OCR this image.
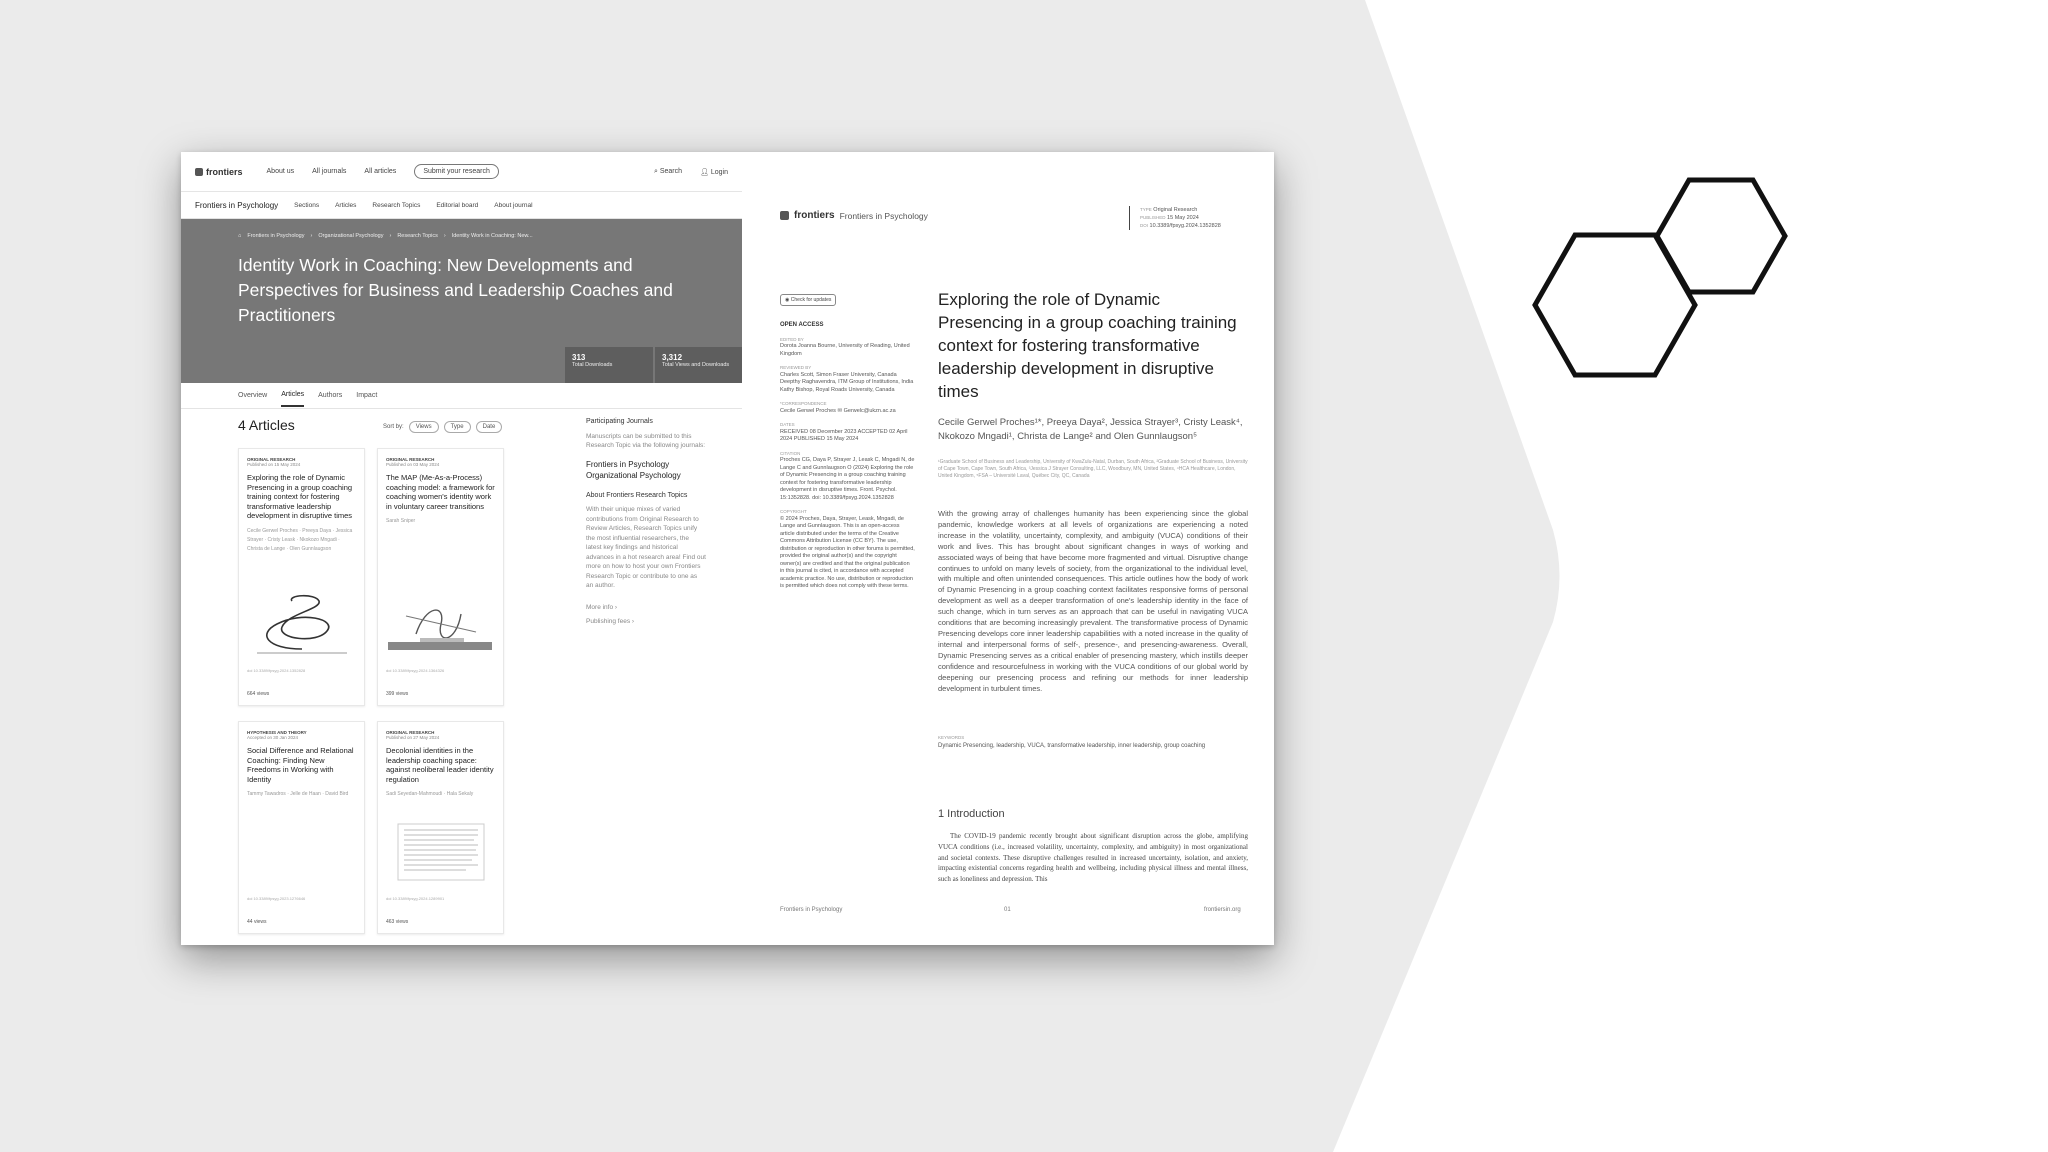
frontiers	About us	All journals	All articles	Submit your research	⌕ Search	👤︎ Login
Frontiers in Psychology Sections Articles Research Topics Editorial board About journal
⌂ Frontiers in Psychology › Organizational Psychology › Research Topics › Identity Work in Coaching: New...
Identity Work in Coaching: New Developments and Perspectives for Business and Leadership Coaches and Practitioners
313
Total Downloads
3,312
Total Views and Downloads
Overview Articles Authors Impact
4 Articles	Sort by:	Views	Type	Date
ORIGINAL RESEARCH
Published on 15 May 2024
Exploring the role of Dynamic Presencing in a group coaching training context for fostering transformative leadership development in disruptive times
Cecile Gerwel Proches · Preeya Daya · Jessica Strayer · Cristy Leask · Nkokozo Mngadi · Christa de Lange · Olen Gunnlaugson
doi 10.3389/fpsyg.2024.1352828
664 views
ORIGINAL RESEARCH
Published on 03 May 2024
The MAP (Me-As-a-Process) coaching model: a framework for coaching women's identity work in voluntary career transitions
Sarah Sniper
doi 10.3389/fpsyg.2024.1364326
399 views
HYPOTHESIS AND THEORY
Accepted on 30 Jan 2024
Social Difference and Relational Coaching: Finding New Freedoms in Working with Identity
Tammy Tawadros · Jelle de Haan · David Bird
doi 10.3389/fpsyg.2023.1276646
44 views
ORIGINAL RESEARCH
Published on 27 May 2024
Decolonial identities in the leadership coaching space: against neoliberal leader identity regulation
Sadi Seyedan-Mahmoudi · Hala Sekaly
doi 10.3389/fpsyg.2024.1289901
463 views
Participating Journals
Manuscripts can be submitted to this Research Topic via the following journals:
Frontiers in Psychology Organizational Psychology
About Frontiers Research Topics
With their unique mixes of varied contributions from Original Research to Review Articles, Research Topics unify the most influential researchers, the latest key findings and historical advances in a hot research area! Find out more on how to host your own Frontiers Research Topic or contribute to one as an author.
More info ›
Publishing fees ›
frontiers Frontiers in Psychology
TYPE Original Research
PUBLISHED 15 May 2024
DOI 10.3389/fpsyg.2024.1352828
◉ Check for updates
OPEN ACCESS
EDITED BY
Dorota Joanna Bourne, University of Reading, United Kingdom
REVIEWED BY
Charles Scott, Simon Fraser University, Canada Deepthy Raghavendra, ITM Group of Institutions, India Kathy Bishop, Royal Roads University, Canada
*CORRESPONDENCE
Cecile Gerwel Proches ✉ Gerwelc@ukzn.ac.za
DATES
RECEIVED 08 December 2023 ACCEPTED 02 April 2024 PUBLISHED 15 May 2024
CITATION
Proches CG, Daya P, Strayer J, Leask C, Mngadi N, de Lange C and Gunnlaugson O (2024) Exploring the role of Dynamic Presencing in a group coaching training context for fostering transformative leadership development in disruptive times. Front. Psychol. 15:1352828. doi: 10.3389/fpsyg.2024.1352828
COPYRIGHT
© 2024 Proches, Daya, Strayer, Leask, Mngadi, de Lange and Gunnlaugson. This is an open-access article distributed under the terms of the Creative Commons Attribution License (CC BY). The use, distribution or reproduction in other forums is permitted, provided the original author(s) and the copyright owner(s) are credited and that the original publication in this journal is cited, in accordance with accepted academic practice. No use, distribution or reproduction is permitted which does not comply with these terms.
Exploring the role of Dynamic Presencing in a group coaching training context for fostering transformative leadership development in disruptive times
Cecile Gerwel Proches¹*, Preeya Daya², Jessica Strayer³, Cristy Leask⁴, Nkokozo Mngadi¹, Christa de Lange² and Olen Gunnlaugson⁵
¹Graduate School of Business and Leadership, University of KwaZulu-Natal, Durban, South Africa, ²Graduate School of Business, University of Cape Town, Cape Town, South Africa, ³Jessica J Strayer Consulting, LLC, Woodbury, MN, United States, ⁴HCA Healthcare, London, United Kingdom, ⁵FSA – Université Laval, Québec City, QC, Canada
With the growing array of challenges humanity has been experiencing since the global pandemic, knowledge workers at all levels of organizations are experiencing a noted increase in the volatility, uncertainty, complexity, and ambiguity (VUCA) conditions of their work and lives. This has brought about significant changes in ways of working and associated ways of being that have become more fragmented and virtual. Disruptive change continues to unfold on many levels of society, from the organizational to the individual level, with multiple and often unintended consequences. This article outlines how the body of work of Dynamic Presencing in a group coaching context facilitates responsive forms of personal development as well as a deeper transformation of one's leadership identity in the face of such change, which in turn serves as an approach that can be useful in navigating VUCA conditions that are becoming increasingly prevalent. The transformative process of Dynamic Presencing develops core inner leadership capabilities with a noted increase in the quality of internal and interpersonal forms of self-, presence-, and presencing-awareness. Overall, Dynamic Presencing serves as a critical enabler of presencing mastery, which instills deeper confidence and resourcefulness in working with the VUCA conditions of our global world by deepening our presencing process and refining our methods for inner leadership development in turbulent times.
KEYWORDS
Dynamic Presencing, leadership, VUCA, transformative leadership, inner leadership, group coaching
1 Introduction
The COVID-19 pandemic recently brought about significant disruption across the globe, amplifying VUCA conditions (i.e., increased volatility, uncertainty, complexity, and ambiguity) in most organizational and societal contexts. These disruptive challenges resulted in increased uncertainty, isolation, and anxiety, impacting existential concerns regarding health and wellbeing, including physical illness and mental illness, such as loneliness and depression. This
Frontiers in Psychology	01	frontiersin.org
